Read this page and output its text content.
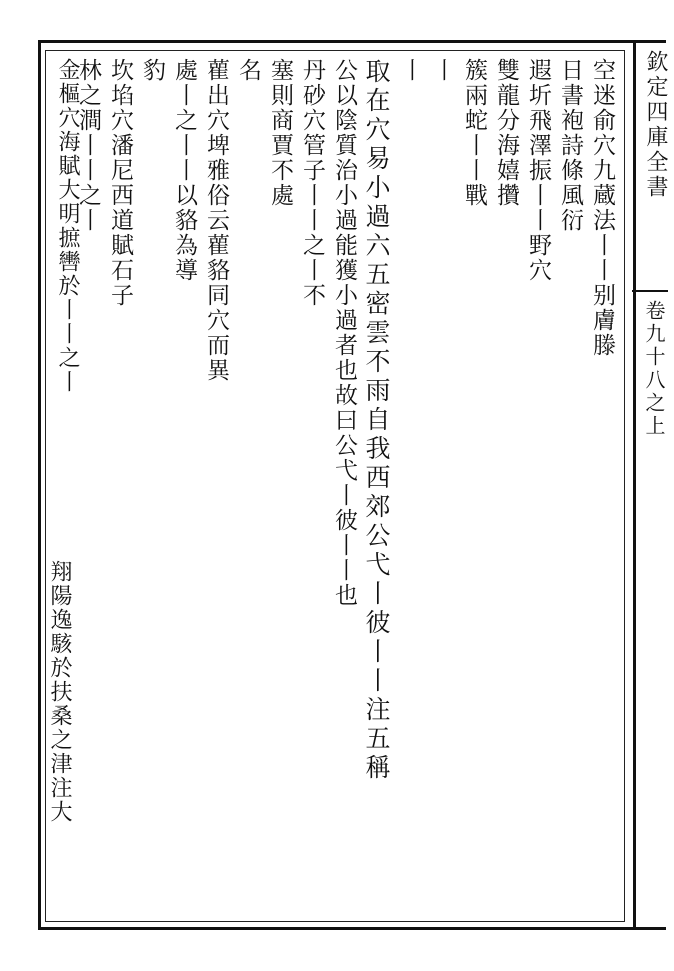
欽定四庫全書
卷九十八之上
空迷俞穴九蔵法丨丨别膚滕
日書袍詩條風衍
遐圻飛澤振丨丨野穴
雙龍分海嬉攢
簇兩蛇丨丨戰
丨
丨
取在穴易小過六五密雲不雨自我西郊公弋丨彼丨丨注五稱
公以陰質治小過能獲小過者也故曰公弋丨彼丨丨也
丹砂穴管子丨丨之丨不
塞則商賈不處
名
雚出穴埤雅俗云雚貉同穴而異
處丨之丨丨以貉為導
豹
坎埳穴潘尼西道賦石子
林之澗丨丨之丨
金樞穴海賦大明摭轡於丨丨之丨
翔陽逸駭於扶桑之津注大
